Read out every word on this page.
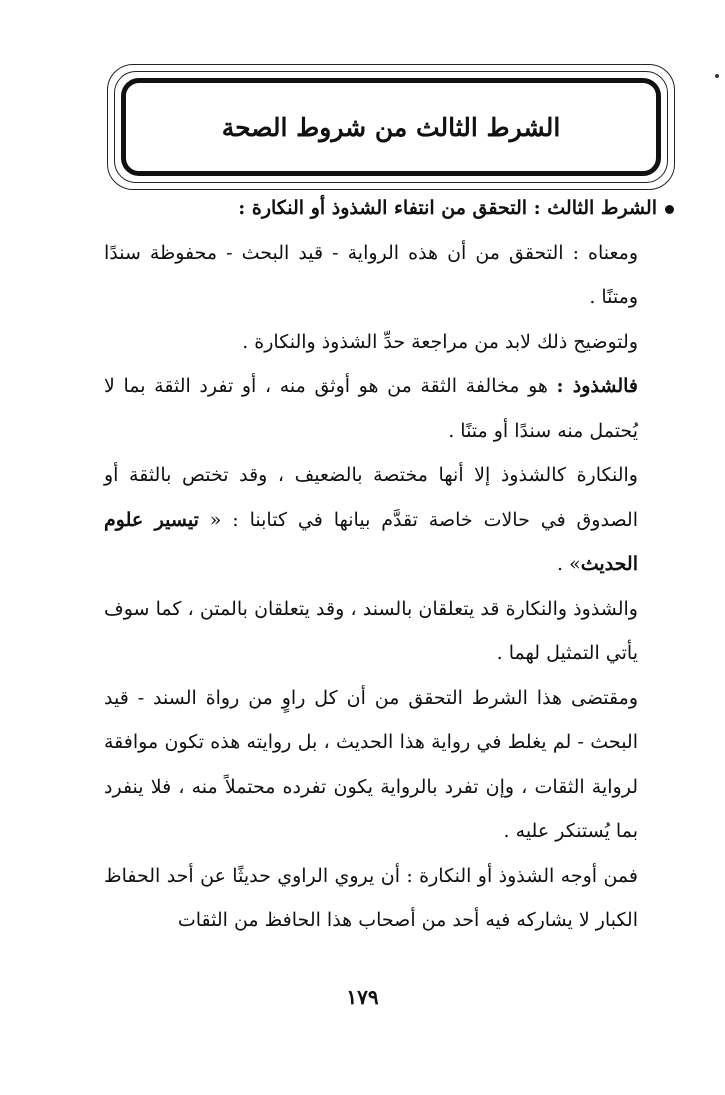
الشرط الثالث من شروط الصحة

الشرط الثالث : التحقق من انتفاء الشذوذ أو النكارة :

ومعناه : التحقق من أن هذه الرواية - قيد البحث - محفوظة سندًا ومتنًا .

ولتوضيح ذلك لابد من مراجعة حدِّ الشذوذ والنكارة .

فالشذوذ : هو مخالفة الثقة من هو أوثق منه ، أو تفرد الثقة بما لا يُحتمل منه سندًا أو متنًا .

والنكارة كالشذوذ إلا أنها مختصة بالضعيف ، وقد تختص بالثقة أو الصدوق في حالات خاصة تقدَّم بيانها في كتابنا : « تيسير علوم الحديث» .

والشذوذ والنكارة قد يتعلقان بالسند ، وقد يتعلقان بالمتن ، كما سوف يأتي التمثيل لهما .

ومقتضى هذا الشرط التحقق من أن كل راوٍ من رواة السند - قيد البحث - لم يغلط في رواية هذا الحديث ، بل روايته هذه تكون موافقة لرواية الثقات ، وإن تفرد بالرواية يكون تفرده محتملاً منه ، فلا ينفرد بما يُستنكر عليه .

فمن أوجه الشذوذ أو النكارة : أن يروي الراوي حديثًا عن أحد الحفاظ الكبار لا يشاركه فيه أحد من أصحاب هذا الحافظ من الثقات

١٧٩
